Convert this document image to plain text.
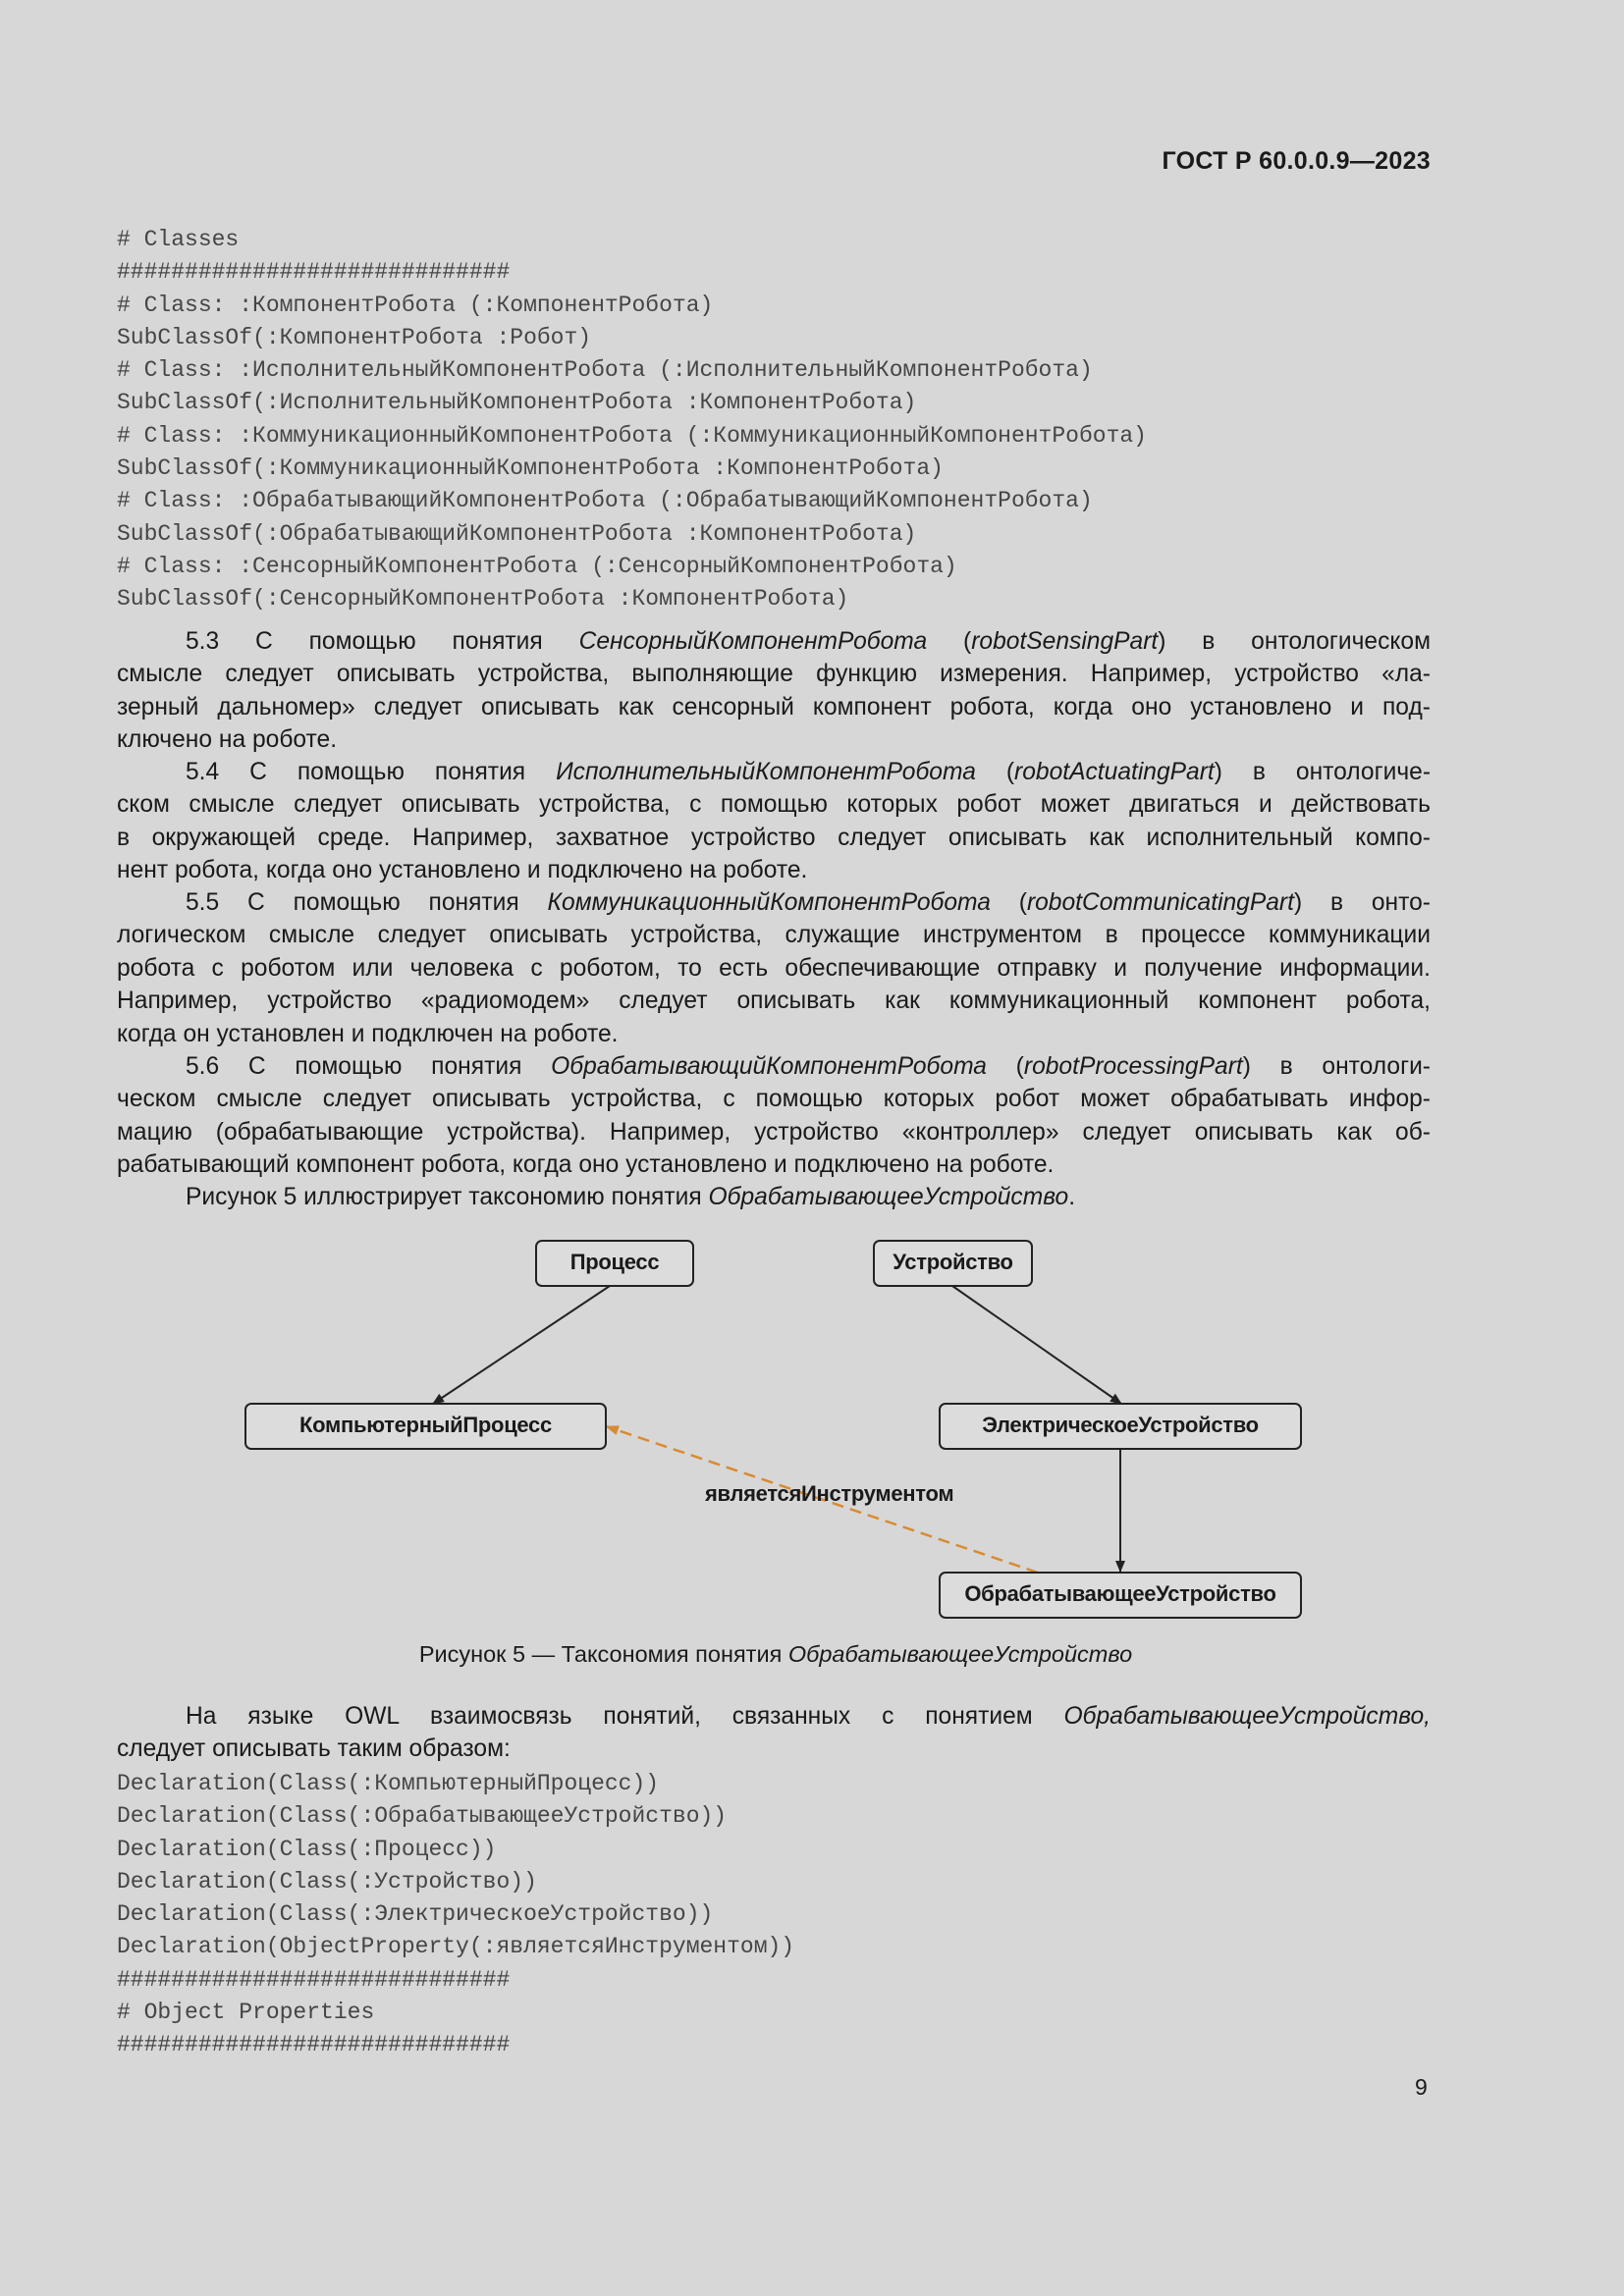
ГОСТ Р 60.0.0.9—2023
# Classes
#############################
# Class: :КомпонентРобота (:КомпонентРобота)
SubClassOf(:КомпонентРобота :Робот)
# Class: :ИсполнительныйКомпонентРобота (:ИсполнительныйКомпонентРобота)
SubClassOf(:ИсполнительныйКомпонентРобота :КомпонентРобота)
# Class: :КоммуникационныйКомпонентРобота (:КоммуникационныйКомпонентРобота)
SubClassOf(:КоммуникационныйКомпонентРобота :КомпонентРобота)
# Class: :ОбрабатывающийКомпонентРобота (:ОбрабатывающийКомпонентРобота)
SubClassOf(:ОбрабатывающийКомпонентРобота :КомпонентРобота)
# Class: :СенсорныйКомпонентРобота (:СенсорныйКомпонентРобота)
SubClassOf(:СенсорныйКомпонентРобота :КомпонентРобота)
5.3 С помощью понятия СенсорныйКомпонентРобота (robotSensingPart) в онтологическом
смысле следует описывать устройства, выполняющие функцию измерения. Например, устройство «ла-
зерный дальномер» следует описывать как сенсорный компонент робота, когда оно установлено и под-
ключено на роботе.
5.4 С помощью понятия ИсполнительныйКомпонентРобота (robotActuatingPart) в онтологиче-
ском смысле следует описывать устройства, с помощью которых робот может двигаться и действовать
в окружающей среде. Например, захватное устройство следует описывать как исполнительный компо-
нент робота, когда оно установлено и подключено на роботе.
5.5 С помощью понятия КоммуникационныйКомпонентРобота (robotCommunicatingPart) в онто-
логическом смысле следует описывать устройства, служащие инструментом в процессе коммуникации
робота с роботом или человека с роботом, то есть обеспечивающие отправку и получение информации.
Например, устройство «радиомодем» следует описывать как коммуникационный компонент робота,
когда он установлен и подключен на роботе.
5.6 С помощью понятия ОбрабатывающийКомпонентРобота (robotProcessingPart) в онтологи-
ческом смысле следует описывать устройства, с помощью которых робот может обрабатывать инфор-
мацию (обрабатывающие устройства). Например, устройство «контроллер» следует описывать как об-
рабатывающий компонент робота, когда оно установлено и подключено на роботе.
Рисунок 5 иллюстрирует таксономию понятия ОбрабатывающееУстройство.
Процесс	Устройство
КомпьютерныйПроцесс	ЭлектрическоеУстройство
ОбрабатывающееУстройство
являетсяИнструментом
Рисунок 5 — Таксономия понятия ОбрабатывающееУстройство
На языке OWL взаимосвязь понятий, связанных с понятием ОбрабатывающееУстройство,
следует описывать таким образом:
Declaration(Class(:КомпьютерныйПроцесс))
Declaration(Class(:ОбрабатывающееУстройство))
Declaration(Class(:Процесс))
Declaration(Class(:Устройство))
Declaration(Class(:ЭлектрическоеУстройство))
Declaration(ObjectProperty(:являетсяИнструментом))
#############################
# Object Properties
#############################
9
